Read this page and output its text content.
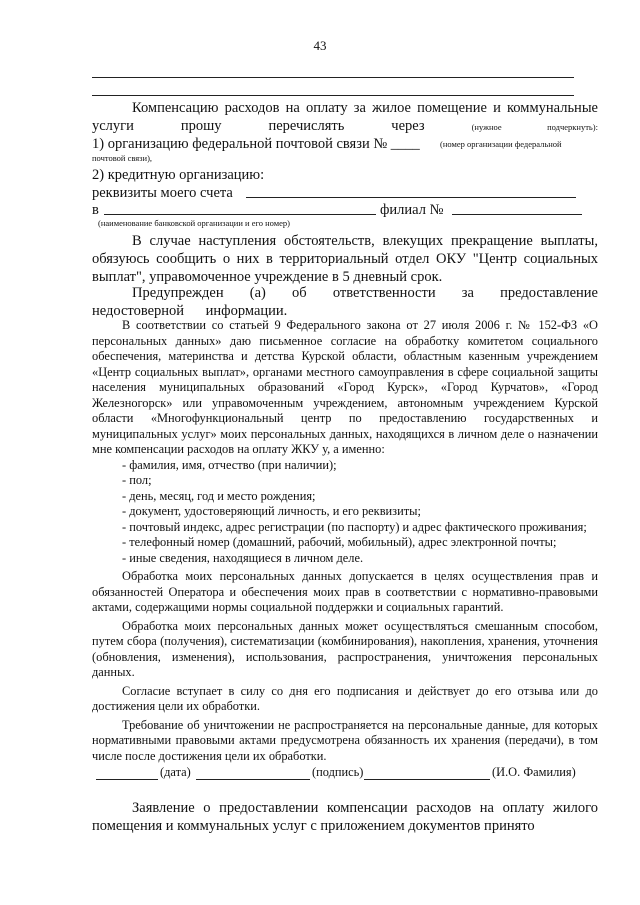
43

Компенсацию расходов на оплату за жилое помещение и коммунальные услуги прошу перечислять через	(нужное подчеркнуть):

1) организацию федеральной почтовой связи № ____ (номер организации федеральной
почтовой связи),
2) кредитную организацию:
реквизиты моего счета
в	филиал №
(наименование банковской организации и его номер)

В случае наступления обстоятельств, влекущих прекращение выплаты, обязуюсь сообщить о них в территориальный отдел ОКУ "Центр социальных выплат", управомоченное учреждение в 5 дневный срок.

Предупрежден (а) об ответственности за предоставление недостоверной информации.

В соответствии со статьей 9 Федерального закона от 27 июля 2006 г. № 152-ФЗ «О персональных данных» даю письменное согласие на обработку комитетом социального обеспечения, материнства и детства Курской области, областным казенным учреждением «Центр социальных выплат», органами местного самоуправления в сфере социальной защиты населения муниципальных образований «Город Курск», «Город Курчатов», «Город Железногорск» или управомоченным учреждением, автономным учреждением Курской области «Многофункциональный центр по предоставлению государственных и муниципальных услуг» моих персональных данных, находящихся в личном деле о назначении мне компенсации расходов на оплату ЖКУ у, а именно:

- фамилия, имя, отчество (при наличии);

- пол;

- день, месяц, год и место рождения;

- документ, удостоверяющий личность, и его реквизиты;

- почтовый индекс, адрес регистрации (по паспорту) и адрес фактического проживания;

- телефонный номер (домашний, рабочий, мобильный), адрес электронной почты;

- иные сведения, находящиеся в личном деле.

Обработка моих персональных данных допускается в целях осуществления прав и обязанностей Оператора и обеспечения моих прав в соответствии с нормативно-правовыми актами, содержащими нормы социальной поддержки и социальных гарантий.

Обработка моих персональных данных может осуществляться смешанным способом, путем сбора (получения), систематизации (комбинирования), накопления, хранения, уточнения (обновления, изменения), использования, распространения, уничтожения персональных данных.

Согласие вступает в силу со дня его подписания и действует до его отзыва или до достижения цели их обработки.

Требование об уничтожении не распространяется на персональные данные, для которых нормативными правовыми актами предусмотрена обязанность их хранения (передачи), в том числе после достижения цели их обработки.

(дата)	(подпись)	(И.О. Фамилия)

Заявление о предоставлении компенсации расходов на оплату жилого помещения и коммунальных услуг с приложением документов принято
